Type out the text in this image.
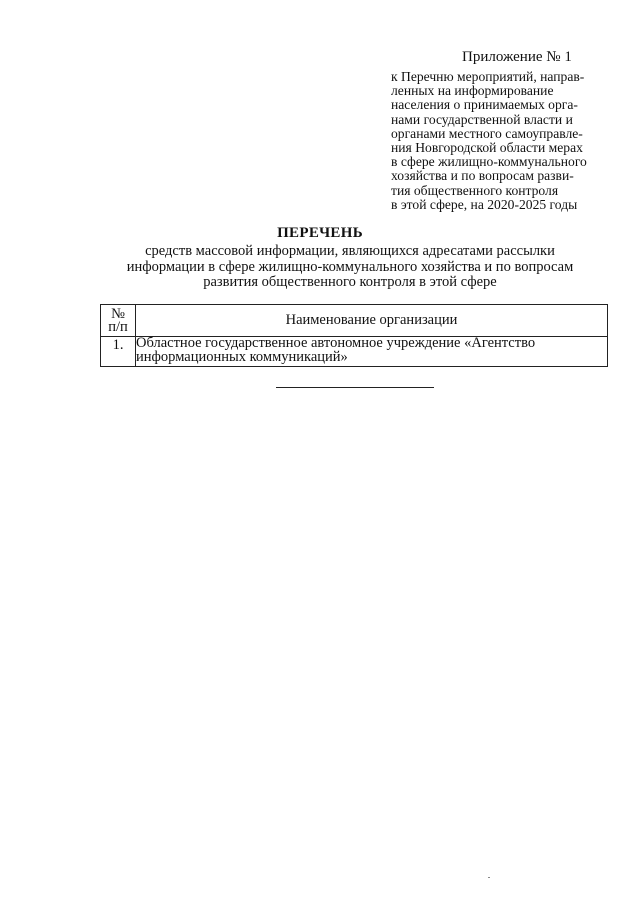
Приложение № 1
к Перечню мероприятий, направ-
ленных на информирование
населения о принимаемых орга-
нами государственной власти и
органами местного самоуправле-
ния Новгородской области мерах
в сфере жилищно-коммунального
хозяйства и по вопросам разви-
тия общественного контроля
в этой сфере, на 2020-2025 годы
ПЕРЕЧЕНЬ
средств массовой информации, являющихся адресатами рассылки
информации в сфере жилищно-коммунального хозяйства и по вопросам
развития общественного контроля в этой сфере
№
п/п	Наименование организации
1.	Областное государственное автономное учреждение «Агентство
информационных коммуникаций»
